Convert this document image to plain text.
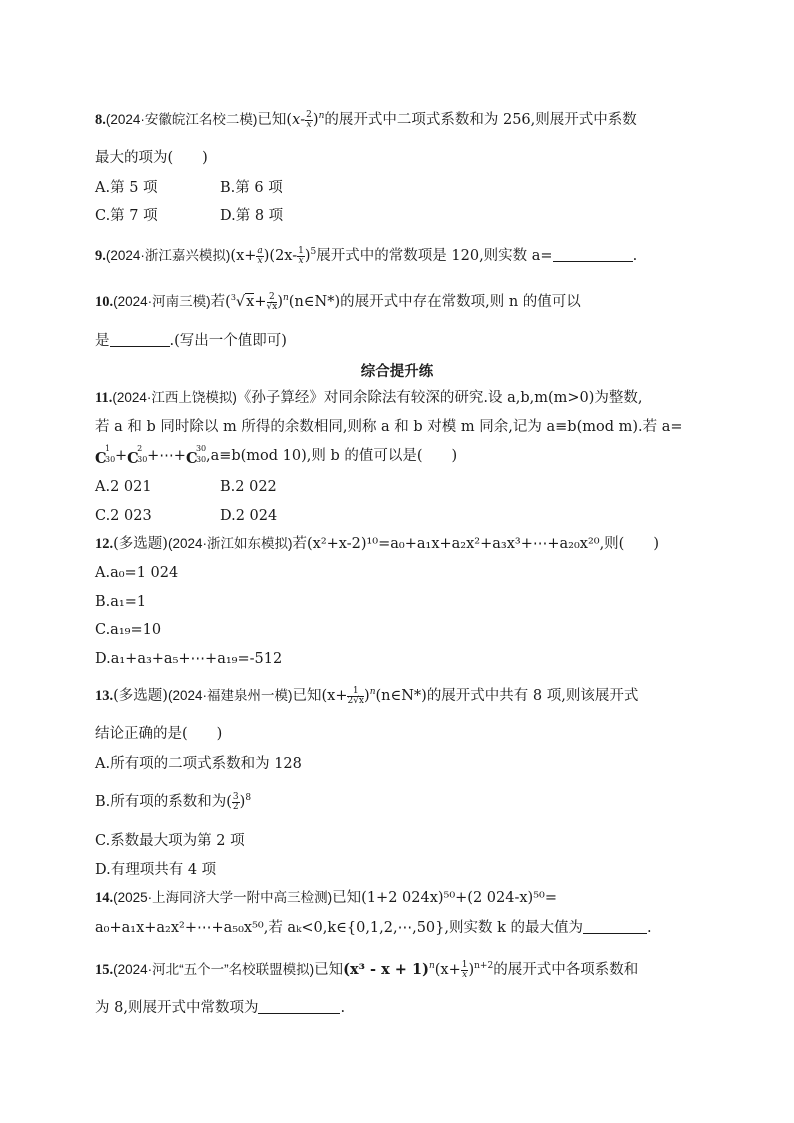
8.(2024·安徽皖江名校二模)已知$(x- \frac{2}{x} )^n$的展开式中二项式系数和为 256,则展开式中系数
最大的项为(　　)
A.第 5 项	B.第 6 项
C.第 7 项	D.第 8 项
9.(2024·浙江嘉兴模拟)$(x+ \frac{a}{x} )(2x- \frac{1}{x} )^5$展开式中的常数项是 120,则实数 a=	.
10.(2024·河南三模)若($^3√x+ \frac{2}{√x}$ )$^n(n\in N*)$的展开式中存在常数项,则 n 的值可以
是	.(写出一个值即可)
综合提升练
11.(2024·江西上饶模拟)《孙子算经》对同余除法有较深的研究.设 a,b,m(m>0)为整数,
若 a 和 b 同时除以 m 所得的余数相同,则称 a 和 b 对模 m 同余,记为 a≡b(mod m).若 a=
C
1
30 +C
2
30 +⋯+C
30
30 ,a≡b(mod 10),则 b 的值可以是(　　)
A.2 021	B.2 022
C.2 023	D.2 024
12.(多选题)(2024·浙江如东模拟)若(x²+x-2)¹⁰=a₀+a₁x+a₂x²+a₃x³+⋯+a₂₀x²⁰,则(　　)
A.a₀=1 024
B.a₁=1
C.a₁₉=10
D.a₁+a₃+a₅+⋯+a₁₉=-512
13.(多选题)(2024·福建泉州一模)已知($x+ \frac{1}{2√x}$ )$^n(n\in N*)$的展开式中共有 8 项,则该展开式
结论正确的是(　　)
A.所有项的二项式系数和为 128
B.所有项的系数和为( $\frac{3}{2} )^8$
C.系数最大项为第 2 项
D.有理项共有 4 项
14.(2025·上海同济大学一附中高三检测)已知(1+2 024x)⁵⁰+(2 024-x)⁵⁰=
a₀+a₁x+a₂x²+⋯+a₅₀x⁵⁰,若 aₖ<0,k∈{0,1,2,⋯,50},则实数 k 的最大值为	.
15.(2024·河北“五个一”名校联盟模拟)已知$(x^3 - x + 1)^n(x+ \frac{1}{x} )^{n+2}$的展开式中各项系数和
为 8,则展开式中常数项为	.
